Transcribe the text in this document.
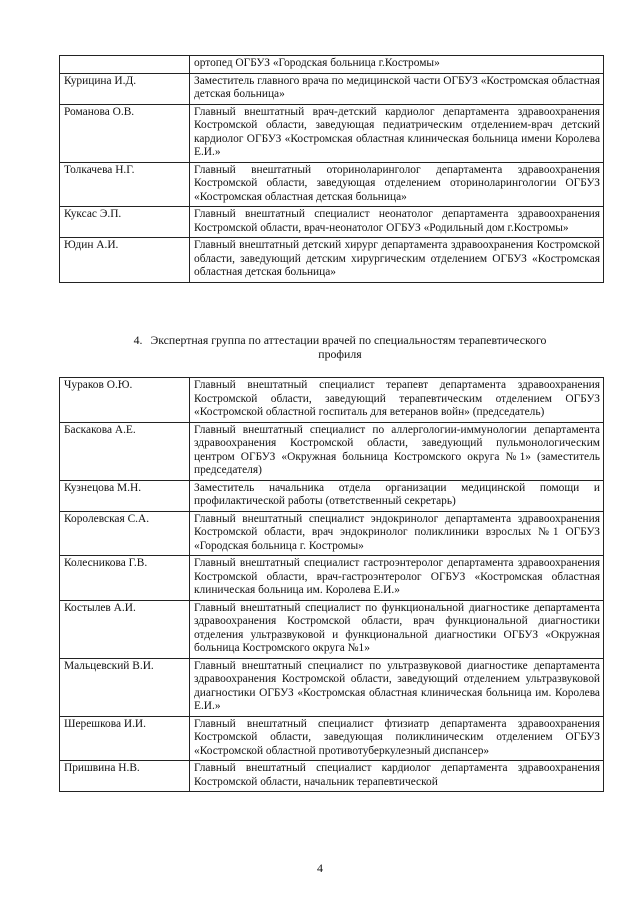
	ортопед ОГБУЗ «Городская больница г.Костромы»
Курицина И.Д.	Заместитель главного врача по медицинской части ОГБУЗ «Костромская областная детская больница»
Романова О.В.	Главный внештатный врач-детский кардиолог департамента здравоохранения Костромской области, заведующая педиатрическим отделением-врач детский кардиолог ОГБУЗ «Костромская областная клиническая больница имени Королева Е.И.»
Толкачева Н.Г.	Главный внештатный оториноларинголог департамента здравоохранения Костромской области, заведующая отделением оториноларингологии ОГБУЗ «Костромская областная детская больница»
Куксас Э.П.	Главный внештатный специалист неонатолог департамента здравоохранения Костромской области, врач-неонатолог ОГБУЗ «Родильный дом г.Костромы»
Юдин А.И.	Главный внештатный детский хирург департамента здравоохранения Костромской области, заведующий детским хирургическим отделением ОГБУЗ «Костромская областная детская больница»
4. Экспертная группа по аттестации врачей по специальностям терапевтического профиля
Чураков О.Ю.	Главный внештатный специалист терапевт департамента здравоохранения Костромской области, заведующий терапевтическим отделением ОГБУЗ «Костромской областной госпиталь для ветеранов войн» (председатель)
Баскакова А.Е.	Главный внештатный специалист по аллергологии-иммунологии департамента здравоохранения Костромской области, заведующий пульмонологическим центром ОГБУЗ «Окружная больница Костромского округа №1» (заместитель председателя)
Кузнецова М.Н.	Заместитель начальника отдела организации медицинской помощи и профилактической работы (ответственный секретарь)
Королевская С.А.	Главный внештатный специалист эндокринолог департамента здравоохранения Костромской области, врач эндокринолог поликлиники взрослых №1 ОГБУЗ «Городская больница г. Костромы»
Колесникова Г.В.	Главный внештатный специалист гастроэнтеролог департамента здравоохранения Костромской области, врач-гастроэнтеролог ОГБУЗ «Костромская областная клиническая больница им. Королева Е.И.»
Костылев А.И.	Главный внештатный специалист по функциональной диагностике департамента здравоохранения Костромской области, врач функциональной диагностики отделения ультразвуковой и функциональной диагностики ОГБУЗ «Окружная больница Костромского округа №1»
Мальцевский В.И.	Главный внештатный специалист по ультразвуковой диагностике департамента здравоохранения Костромской области, заведующий отделением ультразвуковой диагностики ОГБУЗ «Костромская областная клиническая больница им. Королева Е.И.»
Шерешкова И.И.	Главный внештатный специалист фтизиатр департамента здравоохранения Костромской области, заведующая поликлиническим отделением ОГБУЗ «Костромской областной противотуберкулезный диспансер»
Пришвина Н.В.	Главный внештатный специалист кардиолог департамента здравоохранения Костромской области, начальник терапевтической
4
